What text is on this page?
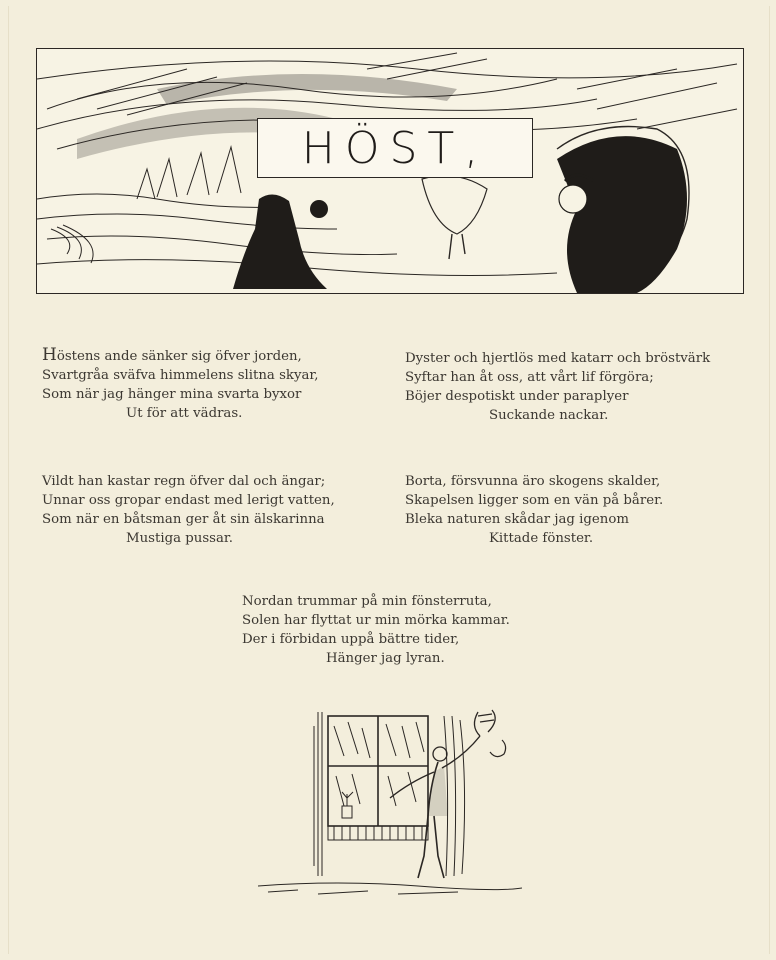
HÖST,
Höstens ande sänker sig öfver jorden,
Svartgråa sväfva himmelens slitna skyar,
Som när jag hänger mina svarta byxor
Ut för att vädras.
Dyster och hjertlös med katarr och bröstvärk
Syftar han åt oss, att vårt lif förgöra;
Böjer despotiskt under paraplyer
Suckande nackar.
Vildt han kastar regn öfver dal och ängar;
Unnar oss gropar endast med lerigt vatten,
Som när en båtsman ger åt sin älskarinna
Mustiga pussar.
Borta, försvunna äro skogens skalder,
Skapelsen ligger som en vän på bårer.
Bleka naturen skådar jag igenom
Kittade fönster.
Nordan trummar på min fönsterruta,
Solen har flyttat ur min mörka kammar.
Der i förbidan uppå bättre tider,
Hänger jag lyran.
